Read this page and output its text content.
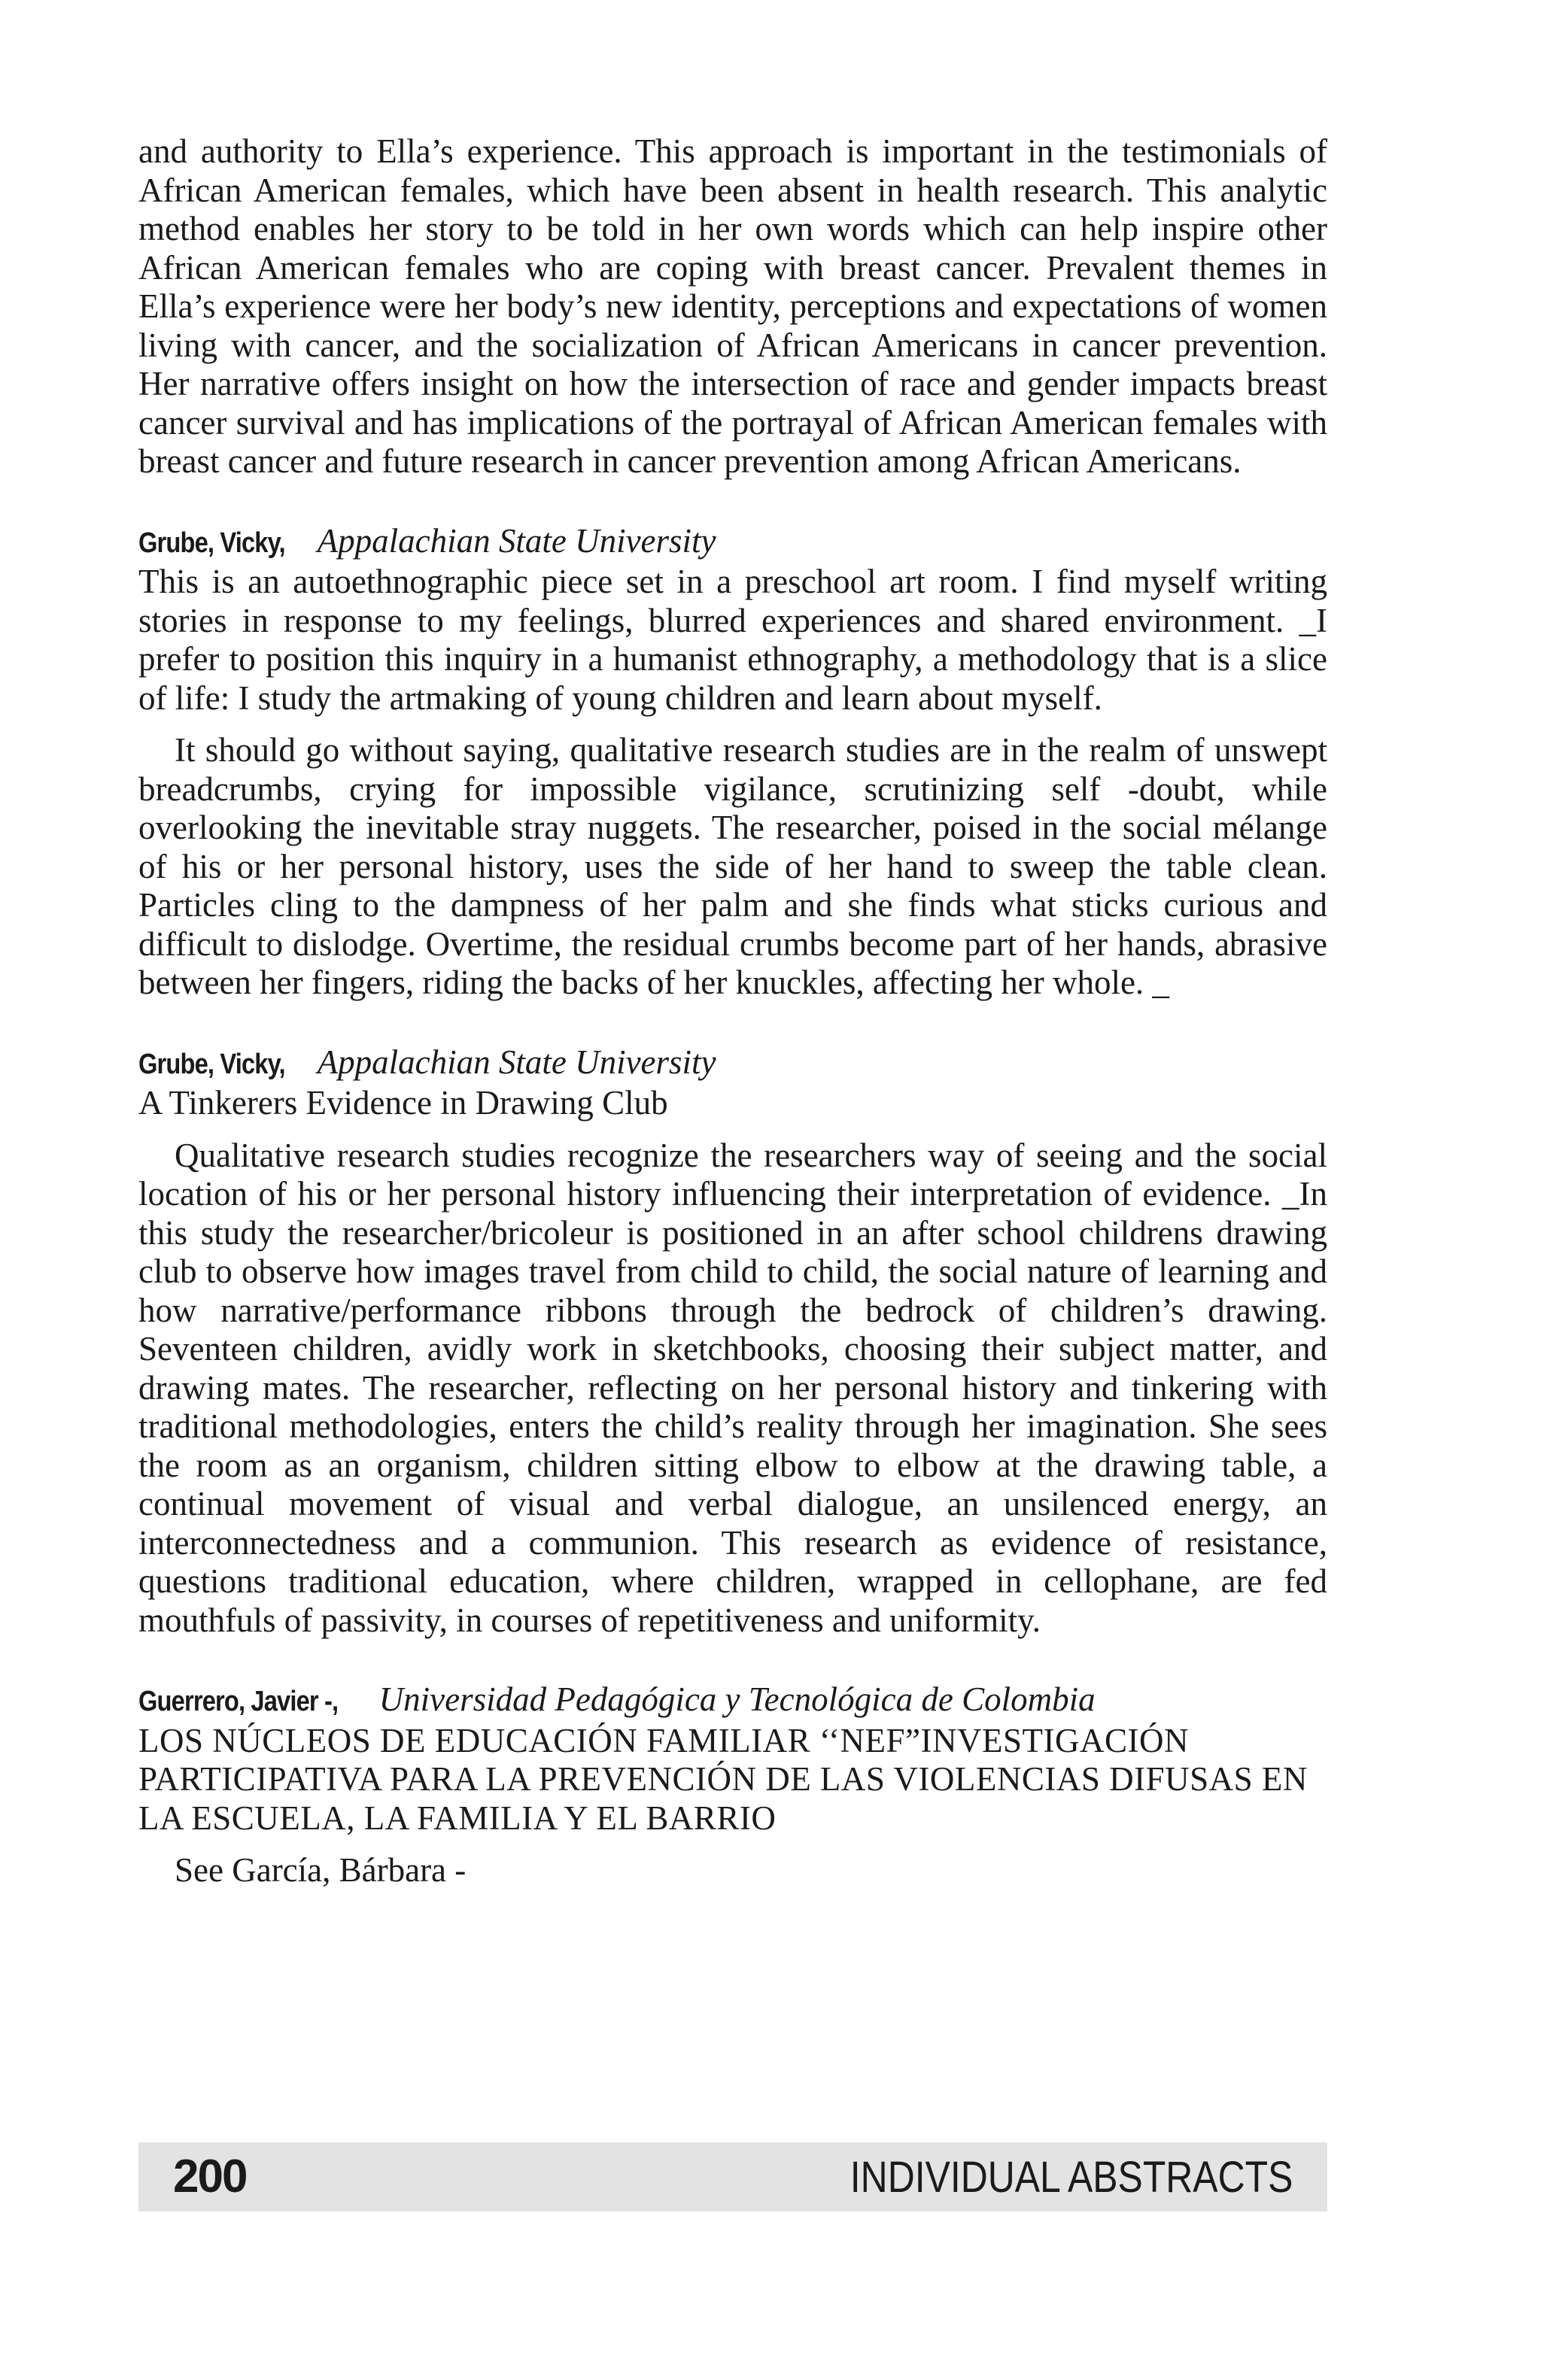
and authority to Ella’s experience. This approach is important in the testimonials of African American females, which have been absent in health research. This analytic method enables her story to be told in her own words which can help inspire other African American females who are coping with breast cancer. Prevalent themes in Ella’s experience were her body’s new identity, perceptions and expectations of women living with cancer, and the socialization of African Americans in cancer prevention. Her narrative offers insight on how the intersection of race and gender impacts breast cancer survival and has implications of the portrayal of African American females with breast cancer and future research in cancer prevention among African Americans.

Grube, Vicky, Appalachian State University

This is an autoethnographic piece set in a preschool art room. I find myself writing stories in response to my feelings, blurred experiences and shared environment. _I prefer to position this inquiry in a humanist ethnography, a methodology that is a slice of life: I study the artmaking of young children and learn about myself.

It should go without saying, qualitative research studies are in the realm of unswept breadcrumbs, crying for impossible vigilance, scrutinizing self -doubt, while overlooking the inevitable stray nuggets. The researcher, poised in the social mélange of his or her personal history, uses the side of her hand to sweep the table clean. Particles cling to the dampness of her palm and she finds what sticks curious and difficult to dislodge. Overtime, the residual crumbs become part of her hands, abrasive between her fingers, riding the backs of her knuckles, affecting her whole. _

Grube, Vicky, Appalachian State University

A Tinkerers Evidence in Drawing Club

Qualitative research studies recognize the researchers way of seeing and the social location of his or her personal history influencing their interpretation of evidence. _In this study the researcher/bricoleur is positioned in an after school childrens drawing club to observe how images travel from child to child, the social nature of learning and how narrative/performance ribbons through the bedrock of children’s drawing. Seventeen children, avidly work in sketchbooks, choosing their subject matter, and drawing mates. The researcher, reflecting on her personal history and tinkering with traditional methodologies, enters the child’s reality through her imagination. She sees the room as an organism, children sitting elbow to elbow at the drawing table, a continual movement of visual and verbal dialogue, an unsilenced energy, an interconnectedness and a communion. This research as evidence of resistance, questions traditional education, where children, wrapped in cellophane, are fed mouthfuls of passivity, in courses of repetitiveness and uniformity.

Guerrero, Javier -, Universidad Pedagógica y Tecnológica de Colombia

LOS NÚCLEOS DE EDUCACIÓN FAMILIAR ‘‘NEF”INVESTIGACIÓN PARTICIPATIVA PARA LA PREVENCIÓN DE LAS VIOLENCIAS DIFUSAS EN LA ESCUELA, LA FAMILIA Y EL BARRIO

See García, Bárbara -

200	INDIVIDUAL ABSTRACTS
